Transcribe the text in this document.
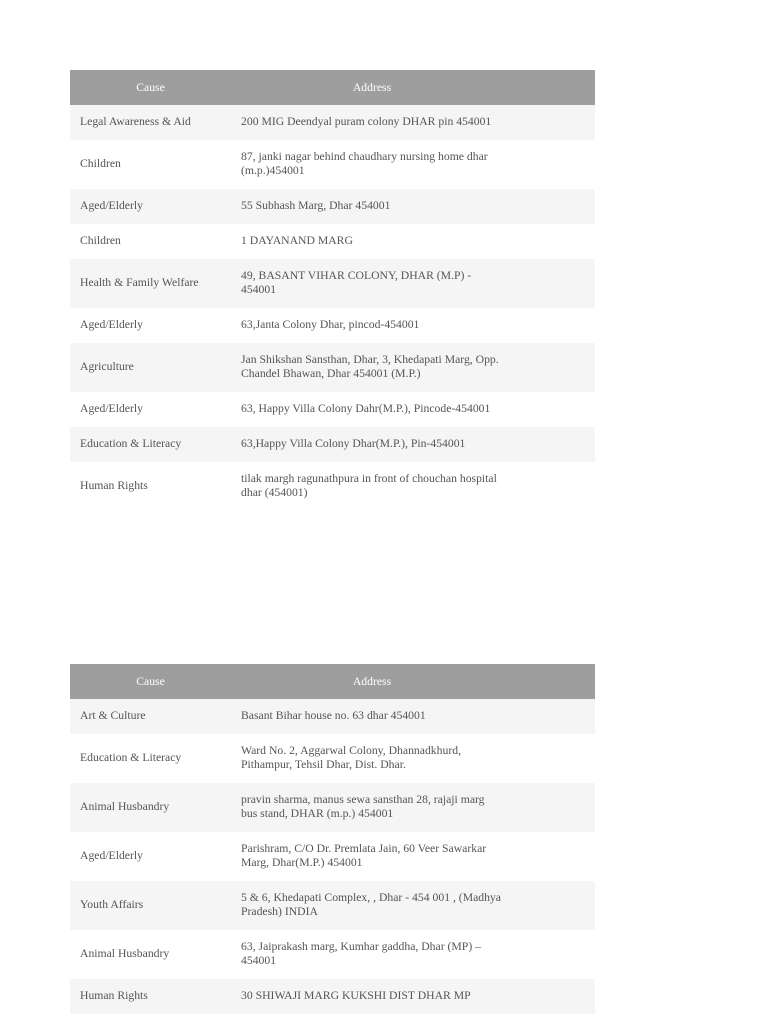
Cause	Address	
Legal Awareness & Aid	200 MIG Deendyal puram colony DHAR pin 454001	
Children	87, janki nagar behind chaudhary nursing home dhar (m.p.)454001	
Aged/Elderly	55 Subhash Marg, Dhar 454001	
Children	1 DAYANAND MARG	
Health & Family Welfare	49, BASANT VIHAR COLONY, DHAR (M.P) - 454001	
Aged/Elderly	63,Janta Colony Dhar, pincod-454001	
Agriculture	Jan Shikshan Sansthan, Dhar, 3, Khedapati Marg, Opp. Chandel Bhawan, Dhar 454001 (M.P.)	
Aged/Elderly	63, Happy Villa Colony Dahr(M.P.), Pincode-454001	
Education & Literacy	63,Happy Villa Colony Dhar(M.P.), Pin-454001	
Human Rights	tilak margh ragunathpura in front of chouchan hospital dhar (454001)	
Cause	Address	
Art & Culture	Basant Bihar house no. 63 dhar 454001	
Education & Literacy	Ward No. 2, Aggarwal Colony, Dhannadkhurd, Pithampur, Tehsil Dhar, Dist. Dhar.	
Animal Husbandry	pravin sharma, manus sewa sansthan 28, rajaji marg bus stand, DHAR (m.p.) 454001	
Aged/Elderly	Parishram, C/O Dr. Premlata Jain, 60 Veer Sawarkar Marg, Dhar(M.P.) 454001	
Youth Affairs	5 & 6, Khedapati Complex, , Dhar - 454 001 , (Madhya Pradesh) INDIA	
Animal Husbandry	63, Jaiprakash marg, Kumhar gaddha, Dhar (MP) – 454001	
Human Rights	30 SHIWAJI MARG KUKSHI DIST DHAR MP	
